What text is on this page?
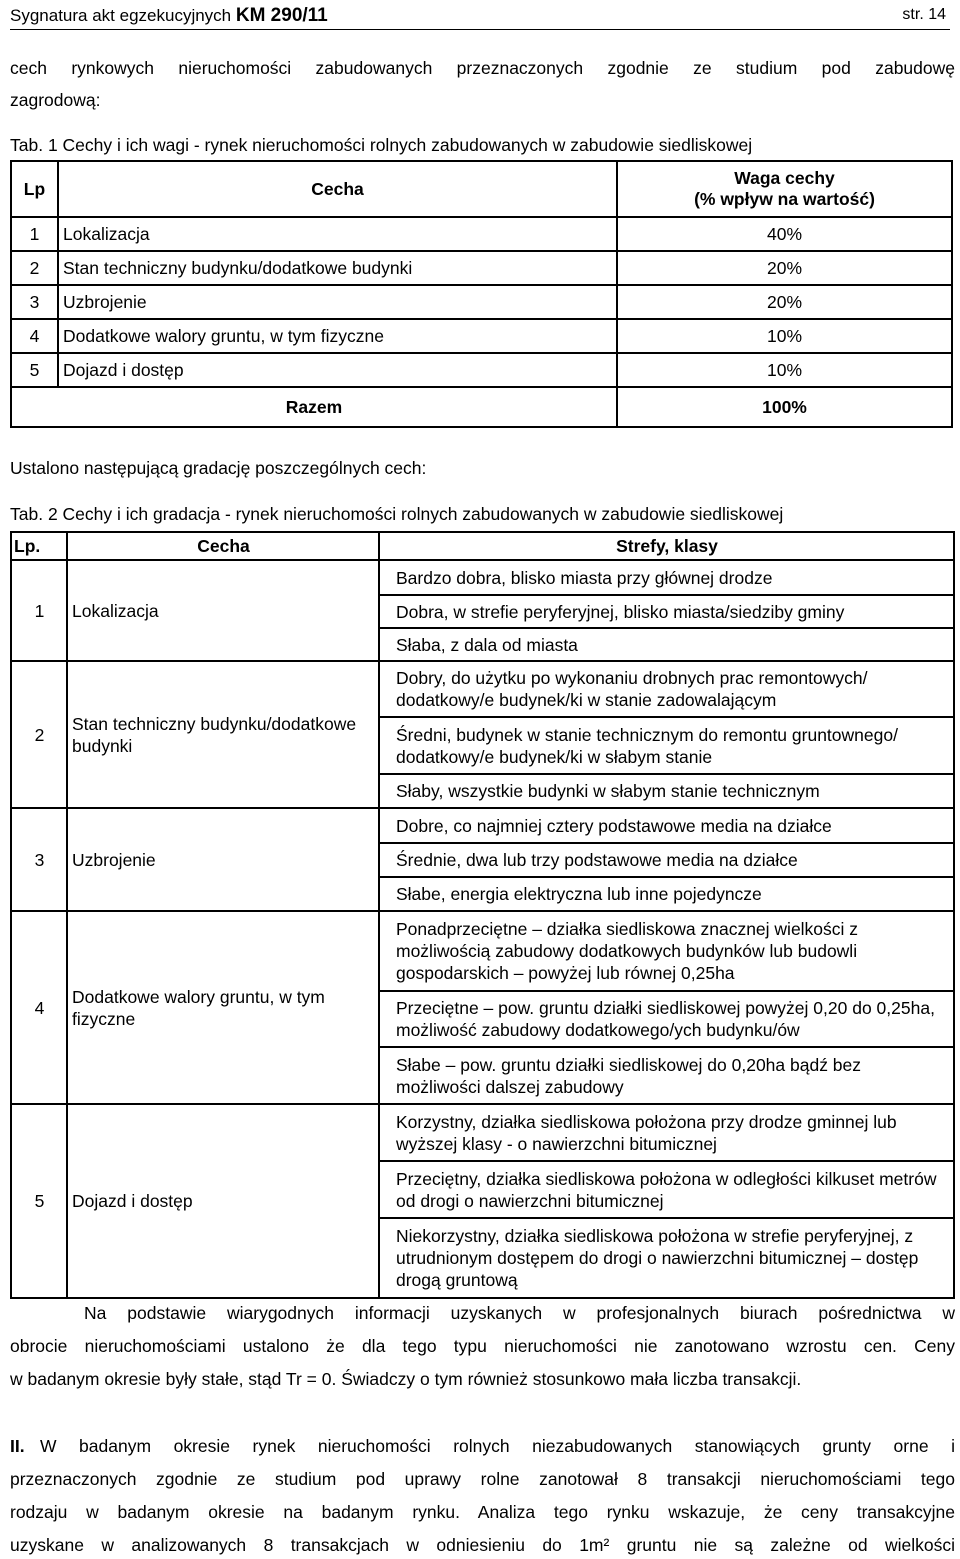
Sygnatura akt egzekucyjnych KM 290/11	str. 14
cech rynkowych nieruchomości zabudowanych przeznaczonych zgodnie ze studium pod zabudowę
zagrodową:
Tab. 1 Cechy i ich wagi - rynek nieruchomości rolnych zabudowanych w zabudowie siedliskowej
Lp	Cecha	Waga cechy
(% wpływ na wartość)

1	Lokalizacja	40%
2	Stan techniczny budynku/dodatkowe budynki	20%
3	Uzbrojenie	20%
4	Dodatkowe walory gruntu, w tym fizyczne	10%
5	Dojazd i dostęp	10%
Razem		100%
Ustalono następującą gradację poszczególnych cech:
Tab. 2 Cechy i ich gradacja - rynek nieruchomości rolnych zabudowanych w zabudowie siedliskowej
Lp.	Cecha	Strefy, klasy
1	Lokalizacja	Bardzo dobra, blisko miasta przy głównej drodze
		Dobra, w strefie peryferyjnej, blisko miasta/siedziby gminy
		Słaba, z dala od miasta
2	Stan techniczny budynku/dodatkowe budynki	Dobry, do użytku po wykonaniu drobnych prac remontowych/ dodatkowy/e budynek/ki w stanie zadowalającym
		Średni, budynek w stanie technicznym do remontu gruntownego/ dodatkowy/e budynek/ki w słabym stanie
		Słaby, wszystkie budynki w słabym stanie technicznym
3	Uzbrojenie	Dobre, co najmniej cztery podstawowe media na działce
		Średnie, dwa lub trzy podstawowe media na działce
		Słabe, energia elektryczna lub inne pojedyncze
4	Dodatkowe walory gruntu, w tym fizyczne	Ponadprzeciętne – działka siedliskowa znacznej wielkości z możliwością zabudowy dodatkowych budynków lub budowli gospodarskich – powyżej lub równej 0,25ha
		Przeciętne – pow. gruntu działki siedliskowej powyżej 0,20 do 0,25ha, możliwość zabudowy dodatkowego/ych budynku/ów
		Słabe – pow. gruntu działki siedliskowej do 0,20ha bądź bez możliwości dalszej zabudowy
5	Dojazd i dostęp	Korzystny, działka siedliskowa położona przy drodze gminnej lub wyższej klasy - o nawierzchni bitumicznej
		Przeciętny, działka siedliskowa położona w odległości kilkuset metrów od drogi o nawierzchni bitumicznej
		Niekorzystny, działka siedliskowa położona w strefie peryferyjnej, z utrudnionym dostępem do drogi o nawierzchni bitumicznej – dostęp drogą gruntową
Na podstawie wiarygodnych informacji uzyskanych w profesjonalnych biurach pośrednictwa w
obrocie nieruchomościami ustalono że dla tego typu nieruchomości nie zanotowano wzrostu cen. Ceny
w badanym okresie były stałe, stąd Tr = 0. Świadczy o tym również stosunkowo mała liczba transakcji.
II. W badanym okresie rynek nieruchomości rolnych niezabudowanych stanowiących grunty orne i
przeznaczonych zgodnie ze studium pod uprawy rolne zanotował 8 transakcji nieruchomościami tego
rodzaju w badanym okresie na badanym rynku. Analiza tego rynku wskazuje, że ceny transakcyjne
uzyskane w analizowanych 8 transakcjach w odniesieniu do 1m² gruntu nie są zależne od wielkości
